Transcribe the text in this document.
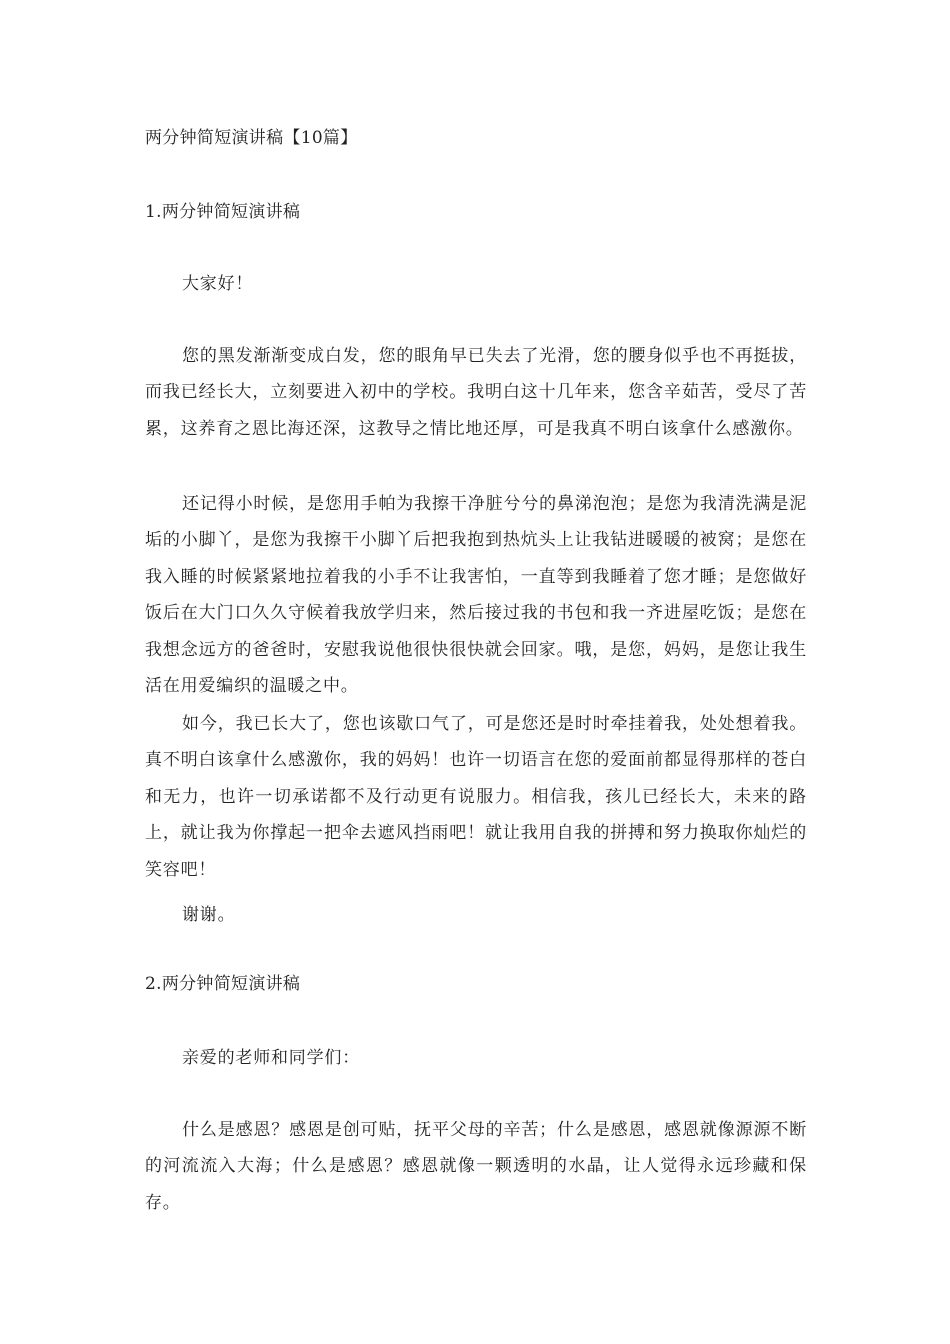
两分钟简短演讲稿【10篇】
1.两分钟简短演讲稿

大家好！

您的黑发渐渐变成白发，您的眼角早已失去了光滑，您的腰身似乎也不再挺拔，而我已经长大，立刻要进入初中的学校。我明白这十几年来，您含辛茹苦，受尽了苦累，这养育之恩比海还深，这教导之情比地还厚，可是我真不明白该拿什么感激你。

还记得小时候，是您用手帕为我擦干净脏兮兮的鼻涕泡泡；是您为我清洗满是泥垢的小脚丫，是您为我擦干小脚丫后把我抱到热炕头上让我钻进暖暖的被窝；是您在我入睡的时候紧紧地拉着我的小手不让我害怕，一直等到我睡着了您才睡；是您做好饭后在大门口久久守候着我放学归来，然后接过我的书包和我一齐进屋吃饭；是您在我想念远方的爸爸时，安慰我说他很快很快就会回家。哦，是您，妈妈，是您让我生活在用爱编织的温暖之中。

如今，我已长大了，您也该歇口气了，可是您还是时时牵挂着我，处处想着我。真不明白该拿什么感激你，我的妈妈！也许一切语言在您的爱面前都显得那样的苍白和无力，也许一切承诺都不及行动更有说服力。相信我，孩儿已经长大，未来的路上，就让我为你撑起一把伞去遮风挡雨吧！就让我用自我的拼搏和努力换取你灿烂的笑容吧！

谢谢。

2.两分钟简短演讲稿

亲爱的老师和同学们：

什么是感恩？感恩是创可贴，抚平父母的辛苦；什么是感恩，感恩就像源源不断的河流流入大海；什么是感恩？感恩就像一颗透明的水晶，让人觉得永远珍藏和保存。
